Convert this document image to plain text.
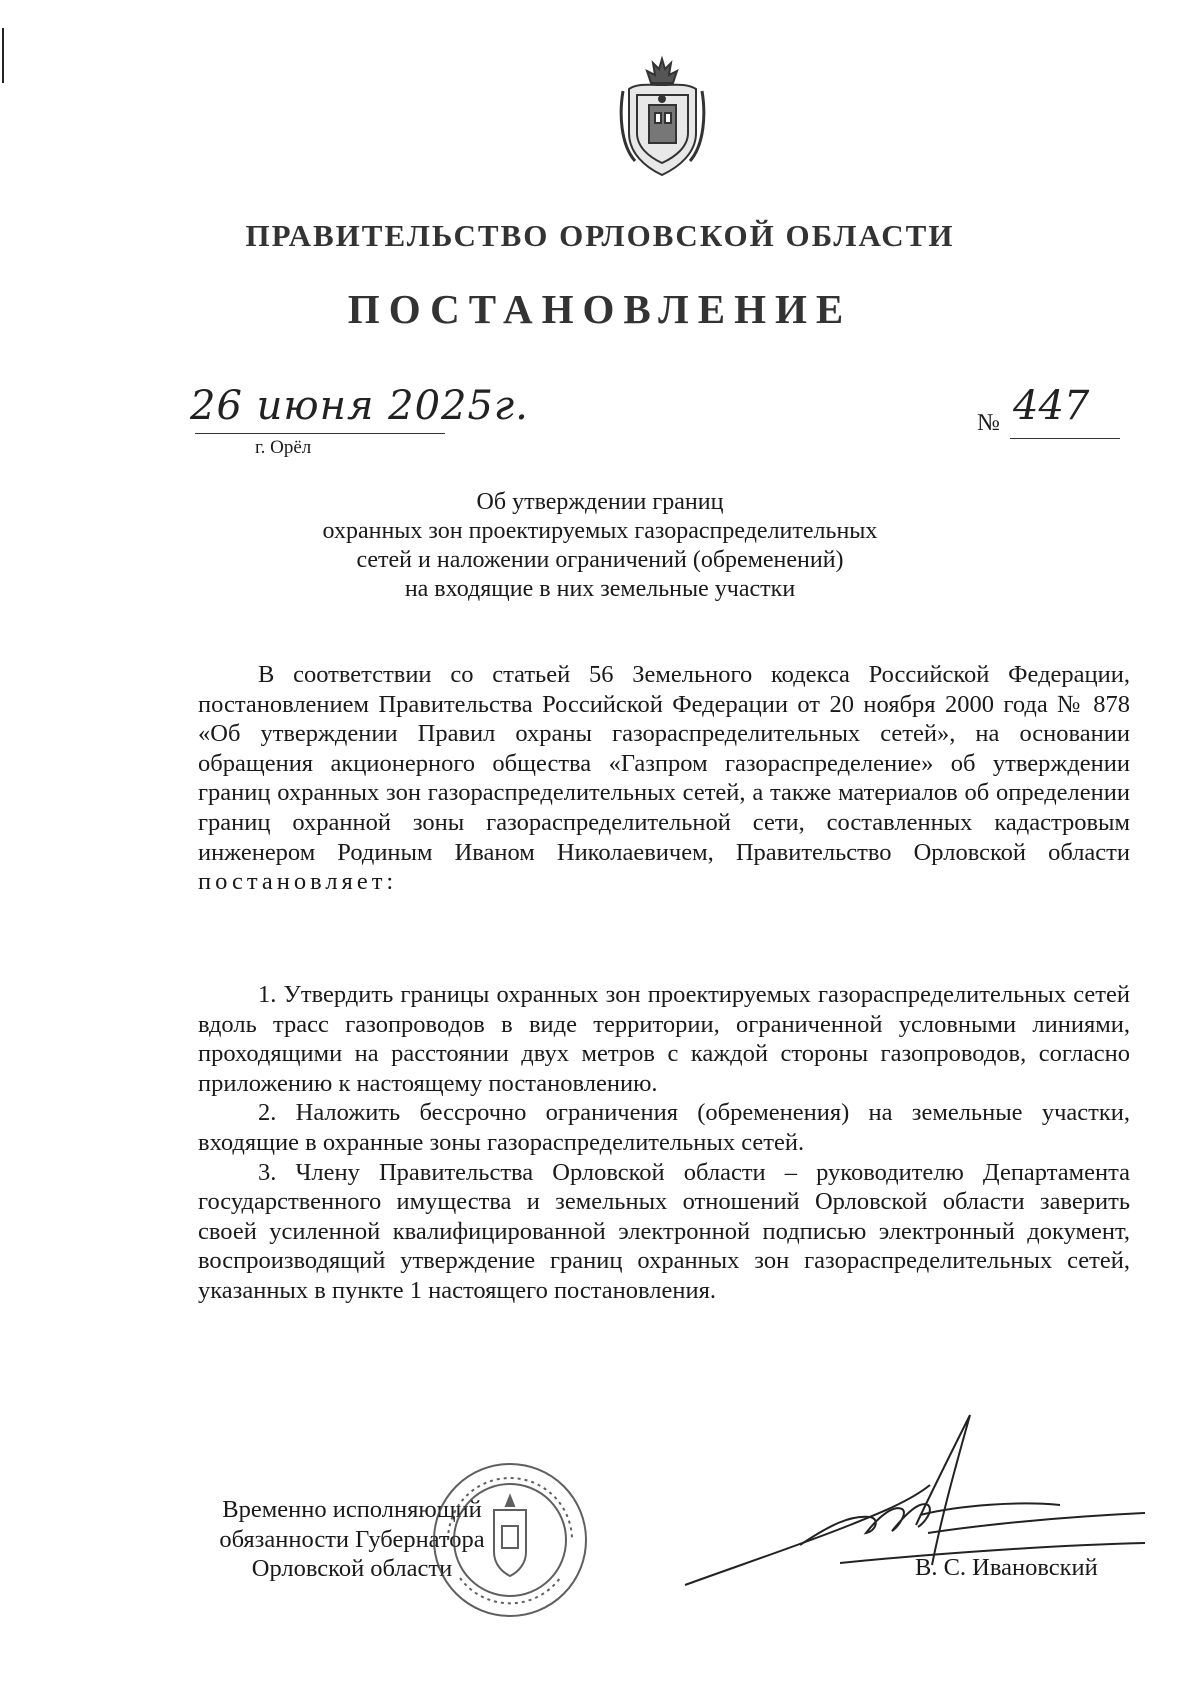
ПРАВИТЕЛЬСТВО ОРЛОВСКОЙ ОБЛАСТИ
ПОСТАНОВЛЕНИЕ
26 июня 2025г.
г. Орёл
№ 447
Об утверждении границ
охранных зон проектируемых газораспределительных
сетей и наложении ограничений (обременений)
на входящие в них земельные участки

В соответствии со статьей 56 Земельного кодекса Российской Федерации, постановлением Правительства Российской Федерации от 20 ноября 2000 года № 878 «Об утверждении Правил охраны газораспределительных сетей», на основании обращения акционерного общества «Газпром газораспределение» об утверждении границ охранных зон газораспределительных сетей, а также материалов об определении границ охранной зоны газораспределительной сети, составленных кадастровым инженером Родиным Иваном Николаевичем, Правительство Орловской области постановляет:

1. Утвердить границы охранных зон проектируемых газораспределительных сетей вдоль трасс газопроводов в виде территории, ограниченной условными линиями, проходящими на расстоянии двух метров с каждой стороны газопроводов, согласно приложению к настоящему постановлению.

2. Наложить бессрочно ограничения (обременения) на земельные участки, входящие в охранные зоны газораспределительных сетей.

3. Члену Правительства Орловской области – руководителю Департамента государственного имущества и земельных отношений Орловской области заверить своей усиленной квалифицированной электронной подписью электронный документ, воспроизводящий утверждение границ охранных зон газораспределительных сетей, указанных в пункте 1 настоящего постановления.

Временно исполняющий
обязанности Губернатора
Орловской области	В. С. Ивановский
